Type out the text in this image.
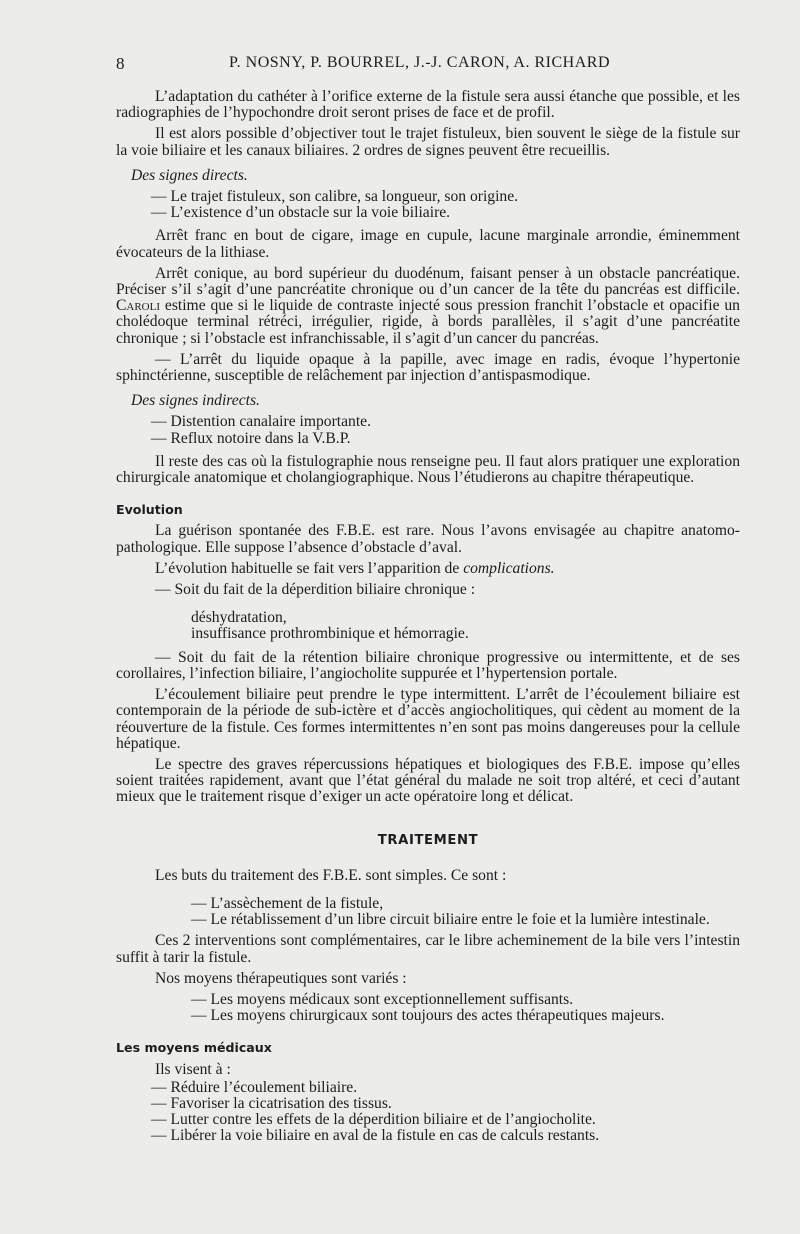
8	P. NOSNY, P. BOURREL, J.-J. CARON, A. RICHARD

L’adaptation du cathéter à l’orifice externe de la fistule sera aussi étanche que possible, et les radiographies de l’hypochondre droit seront prises de face et de profil.

Il est alors possible d’objectiver tout le trajet fistuleux, bien souvent le siège de la fistule sur la voie biliaire et les canaux biliaires. 2 ordres de signes peuvent être recueillis.

Des signes directs.

— Le trajet fistuleux, son calibre, sa longueur, son origine.

— L’existence d’un obstacle sur la voie biliaire.

Arrêt franc en bout de cigare, image en cupule, lacune marginale arrondie, éminemment évocateurs de la lithiase.

Arrêt conique, au bord supérieur du duodénum, faisant penser à un obstacle pancréatique. Préciser s’il s’agit d’une pancréatite chronique ou d’un cancer de la tête du pancréas est difficile. Caroli estime que si le liquide de contraste injecté sous pression franchit l’obstacle et opacifie un cholédoque terminal rétréci, irrégulier, rigide, à bords parallèles, il s’agit d’une pancréatite chronique ; si l’obstacle est infranchissable, il s’agit d’un cancer du pancréas.

— L’arrêt du liquide opaque à la papille, avec image en radis, évoque l’hypertonie sphinctérienne, susceptible de relâchement par injection d’antispasmodique.

Des signes indirects.

— Distention canalaire importante.

— Reflux notoire dans la V.B.P.

Il reste des cas où la fistulographie nous renseigne peu. Il faut alors pratiquer une exploration chirurgicale anatomique et cholangiographique. Nous l’étudierons au chapitre thérapeutique.

Evolution

La guérison spontanée des F.B.E. est rare. Nous l’avons envisagée au chapitre anatomo-pathologique. Elle suppose l’absence d’obstacle d’aval.

L’évolution habituelle se fait vers l’apparition de complications.

— Soit du fait de la déperdition biliaire chronique :

déshydratation,

insuffisance prothrombinique et hémorragie.

— Soit du fait de la rétention biliaire chronique progressive ou intermittente, et de ses corollaires, l’infection biliaire, l’angiocholite suppurée et l’hypertension portale.

L’écoulement biliaire peut prendre le type intermittent. L’arrêt de l’écoulement biliaire est contemporain de la période de sub-ictère et d’accès angiocholitiques, qui cèdent au moment de la réouverture de la fistule. Ces formes intermittentes n’en sont pas moins dangereuses pour la cellule hépatique.

Le spectre des graves répercussions hépatiques et biologiques des F.B.E. impose qu’elles soient traitées rapidement, avant que l’état général du malade ne soit trop altéré, et ceci d’autant mieux que le traitement risque d’exiger un acte opératoire long et délicat.

TRAITEMENT

Les buts du traitement des F.B.E. sont simples. Ce sont :

— L’assèchement de la fistule,

— Le rétablissement d’un libre circuit biliaire entre le foie et la lumière intestinale.

Ces 2 interventions sont complémentaires, car le libre acheminement de la bile vers l’intestin suffit à tarir la fistule.

Nos moyens thérapeutiques sont variés :

— Les moyens médicaux sont exceptionnellement suffisants.

— Les moyens chirurgicaux sont toujours des actes thérapeutiques majeurs.

Les moyens médicaux

Ils visent à :

— Réduire l’écoulement biliaire.

— Favoriser la cicatrisation des tissus.

— Lutter contre les effets de la déperdition biliaire et de l’angiocholite.

— Libérer la voie biliaire en aval de la fistule en cas de calculs restants.
